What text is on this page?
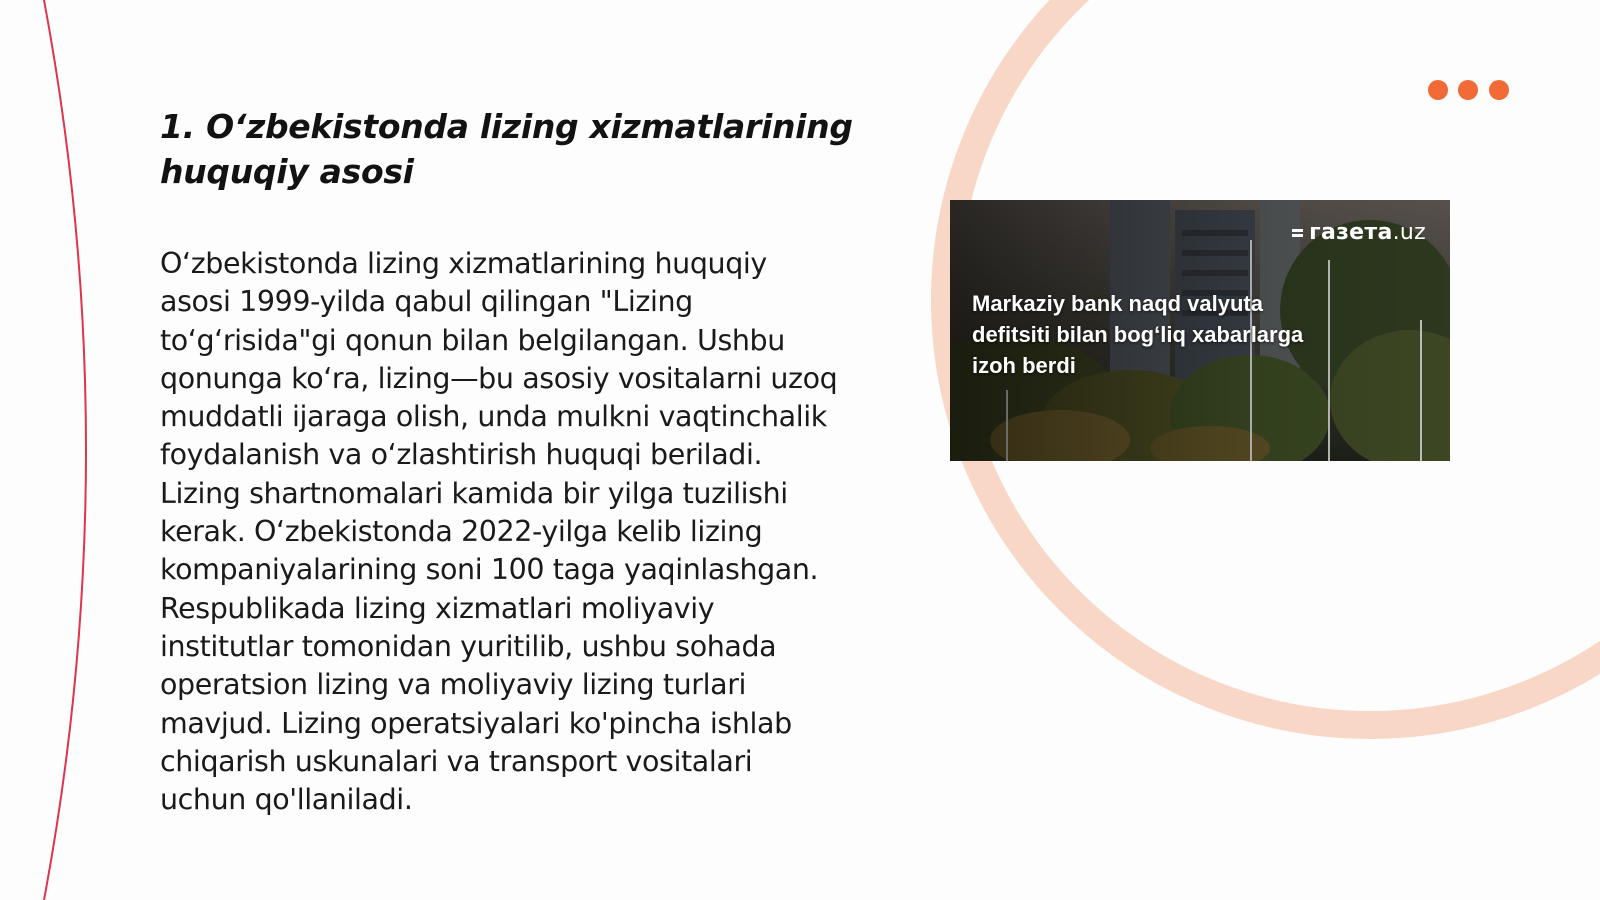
1. O‘zbekistonda lizing xizmatlarining huquqiy asosi

O‘zbekistonda lizing xizmatlarining huquqiy asosi 1999-yilda qabul qilingan "Lizing to‘g‘risida"gi qonun bilan belgilangan. Ushbu qonunga ko‘ra, lizing—bu asosiy vositalarni uzoq muddatli ijaraga olish, unda mulkni vaqtinchalik foydalanish va o‘zlashtirish huquqi beriladi. Lizing shartnomalari kamida bir yilga tuzilishi kerak. O‘zbekistonda 2022-yilga kelib lizing kompaniyalarining soni 100 taga yaqinlashgan. Respublikada lizing xizmatlari moliyaviy institutlar tomonidan yuritilib, ushbu sohada operatsion lizing va moliyaviy lizing turlari mavjud. Lizing operatsiyalari ko'pincha ishlab chiqarish uskunalari va transport vositalari uchun qo'llaniladi.

газета .uz

Markaziy bank naqd valyuta defitsiti bilan bog‘liq xabarlarga izoh berdi
